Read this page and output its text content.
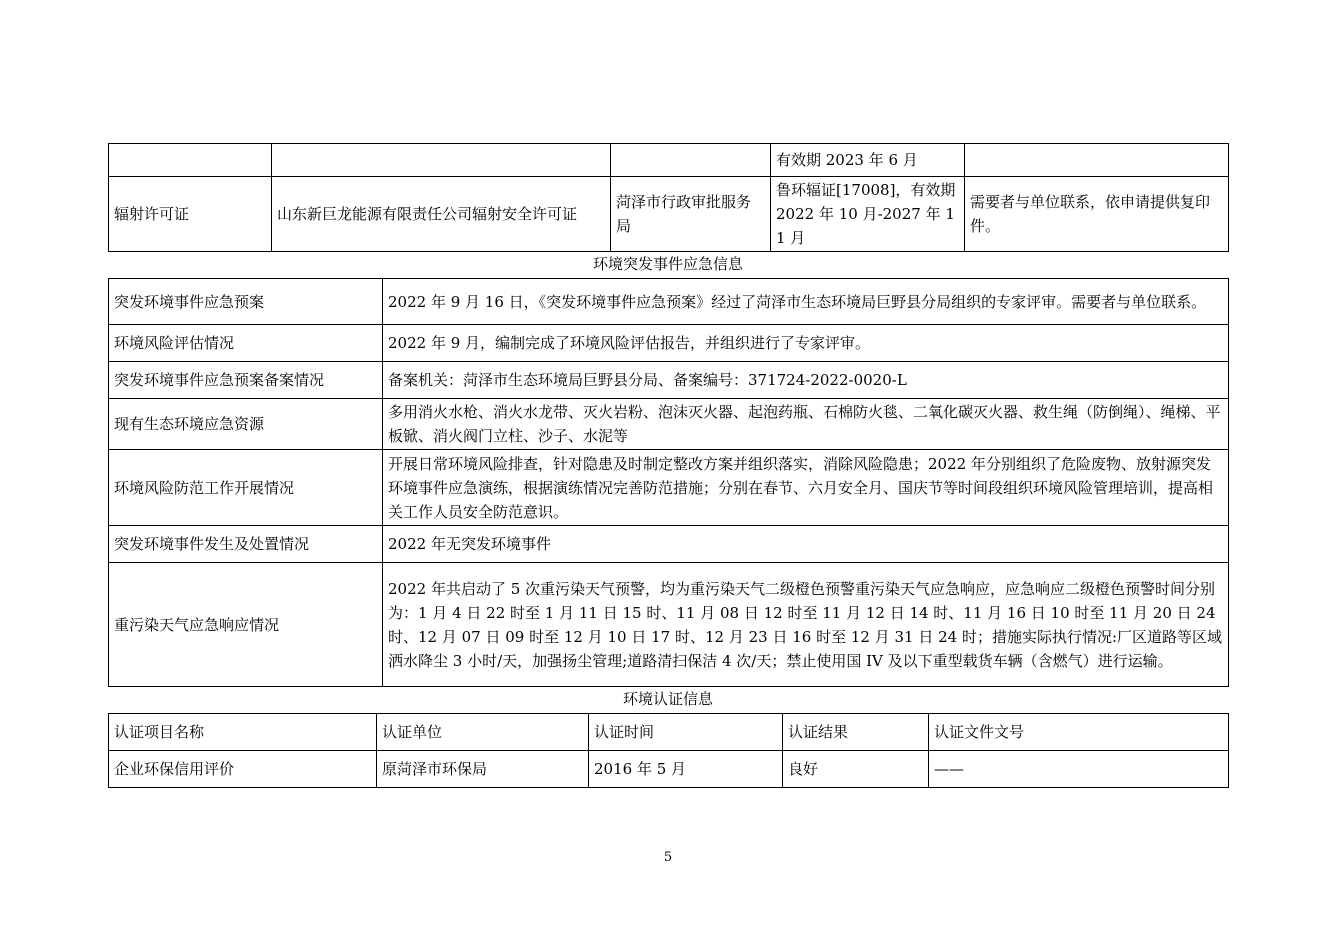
			有效期 2023 年 6 月	
辐射许可证	山东新巨龙能源有限责任公司辐射安全许可证	菏泽市行政审批服务局	鲁环辐证[17008]，有效期 2022 年 10 月-2027 年 11 月	需要者与单位联系，依申请提供复印件。
环境突发事件应急信息
突发环境事件应急预案	2022 年 9 月 16 日，《突发环境事件应急预案》经过了菏泽市生态环境局巨野县分局组织的专家评审。需要者与单位联系。
环境风险评估情况	2022 年 9 月，编制完成了环境风险评估报告，并组织进行了专家评审。
突发环境事件应急预案备案情况	备案机关：菏泽市生态环境局巨野县分局、备案编号：371724-2022-0020-L
现有生态环境应急资源	多用消火水枪、消火水龙带、灭火岩粉、泡沫灭火器、起泡药瓶、石棉防火毯、二氧化碳灭火器、救生绳（防倒绳）、绳梯、平板锨、消火阀门立柱、沙子、水泥等
环境风险防范工作开展情况	开展日常环境风险排查，针对隐患及时制定整改方案并组织落实，消除风险隐患；2022 年分别组织了危险废物、放射源突发环境事件应急演练，根据演练情况完善防范措施；分别在春节、六月安全月、国庆节等时间段组织环境风险管理培训，提高相关工作人员安全防范意识。
突发环境事件发生及处置情况	2022 年无突发环境事件
重污染天气应急响应情况	2022 年共启动了 5 次重污染天气预警，均为重污染天气二级橙色预警重污染天气应急响应，应急响应二级橙色预警时间分别为：1 月 4 日 22 时至 1 月 11 日 15 时、11 月 08 日 12 时至 11 月 12 日 14 时、11 月 16 日 10 时至 11 月 20 日 24 时、12 月 07 日 09 时至 12 月 10 日 17 时、12 月 23 日 16 时至 12 月 31 日 24 时；措施实际执行情况:厂区道路等区域洒水降尘 3 小时/天，加强扬尘管理;道路清扫保洁 4 次/天；禁止使用国 IV 及以下重型载货车辆（含燃气）进行运输。
环境认证信息
认证项目名称	认证单位	认证时间	认证结果	认证文件文号
企业环保信用评价	原菏泽市环保局	2016 年 5 月	良好	——
5
